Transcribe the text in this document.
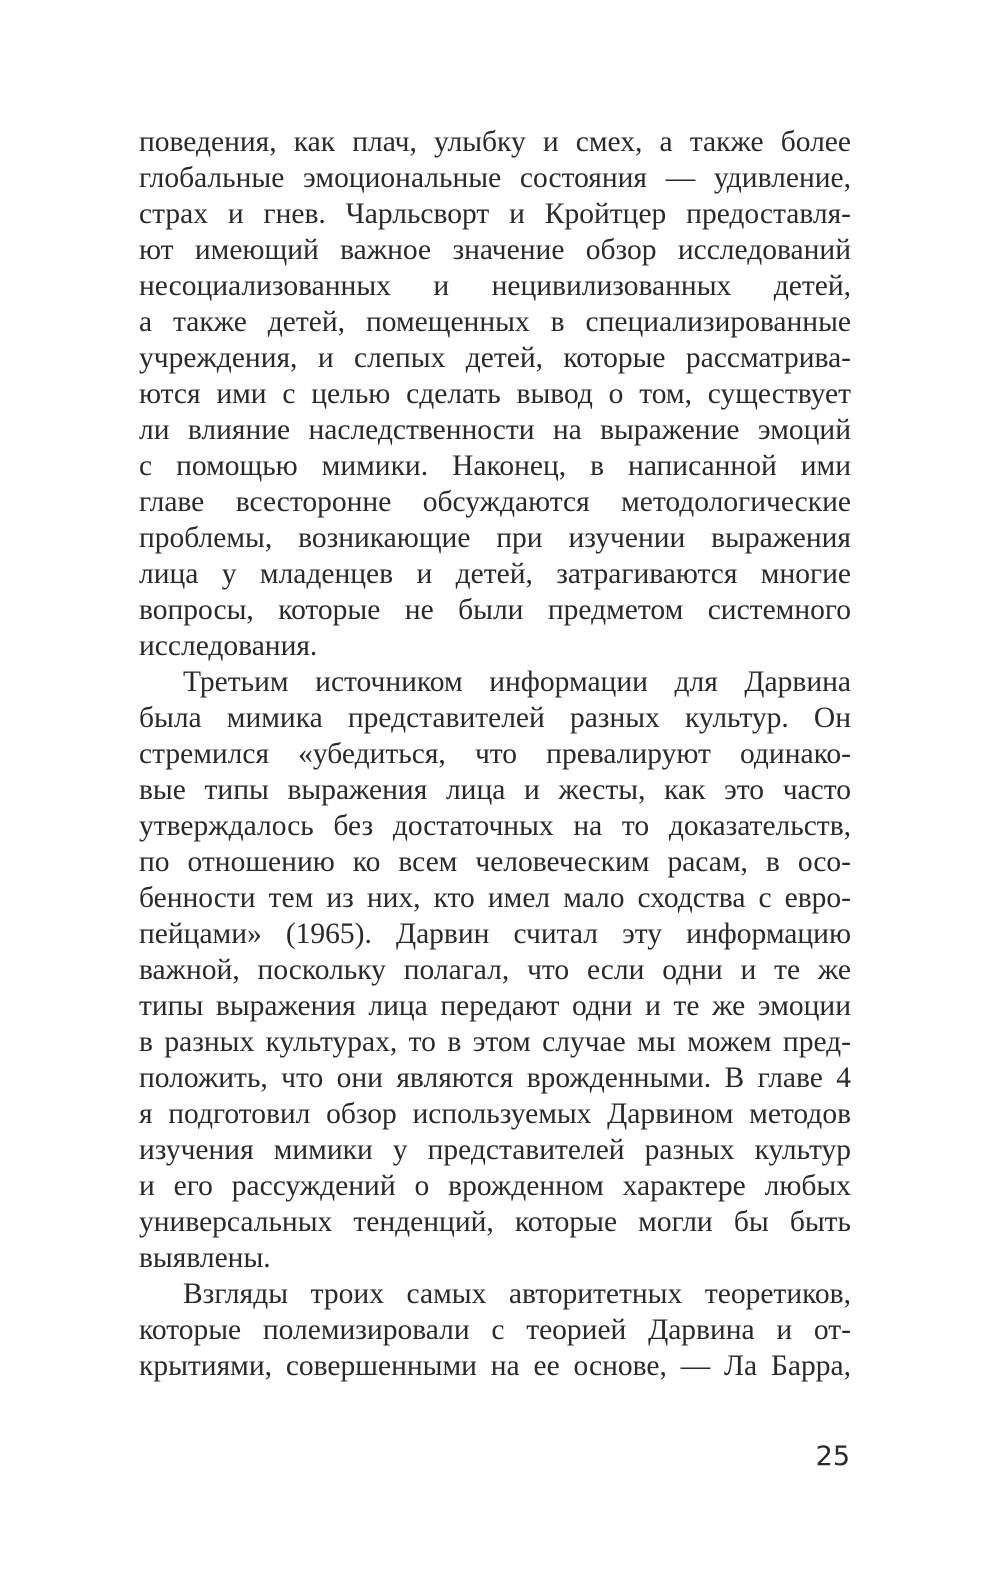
поведения, как плач, улыбку и смех, а также более
глобальные эмоциональные состояния — удивление,
страх и гнев. Чарльсворт и Кройтцер предоставля-
ют имеющий важное значение обзор исследований
несоциализованных и нецивилизованных детей,
а также детей, помещенных в специализированные
учреждения, и слепых детей, которые рассматрива-
ются ими с целью сделать вывод о том, существует
ли влияние наследственности на выражение эмоций
с помощью мимики. Наконец, в написанной ими
главе всесторонне обсуждаются методологические
проблемы, возникающие при изучении выражения
лица у младенцев и детей, затрагиваются многие
вопросы, которые не были предметом системного
исследования.
Третьим источником информации для Дарвина
была мимика представителей разных культур. Он
стремился «убедиться, что превалируют одинако-
вые типы выражения лица и жесты, как это часто
утверждалось без достаточных на то доказательств,
по отношению ко всем человеческим расам, в осо-
бенности тем из них, кто имел мало сходства с евро-
пейцами» (1965). Дарвин считал эту информацию
важной, поскольку полагал, что если одни и те же
типы выражения лица передают одни и те же эмоции
в разных культурах, то в этом случае мы можем пред-
положить, что они являются врожденными. В главе 4
я подготовил обзор используемых Дарвином методов
изучения мимики у представителей разных культур
и его рассуждений о врожденном характере любых
универсальных тенденций, которые могли бы быть
выявлены.
Взгляды троих самых авторитетных теоретиков,
которые полемизировали с теорией Дарвина и от-
крытиями, совершенными на ее основе, — Ла Барра,
25
